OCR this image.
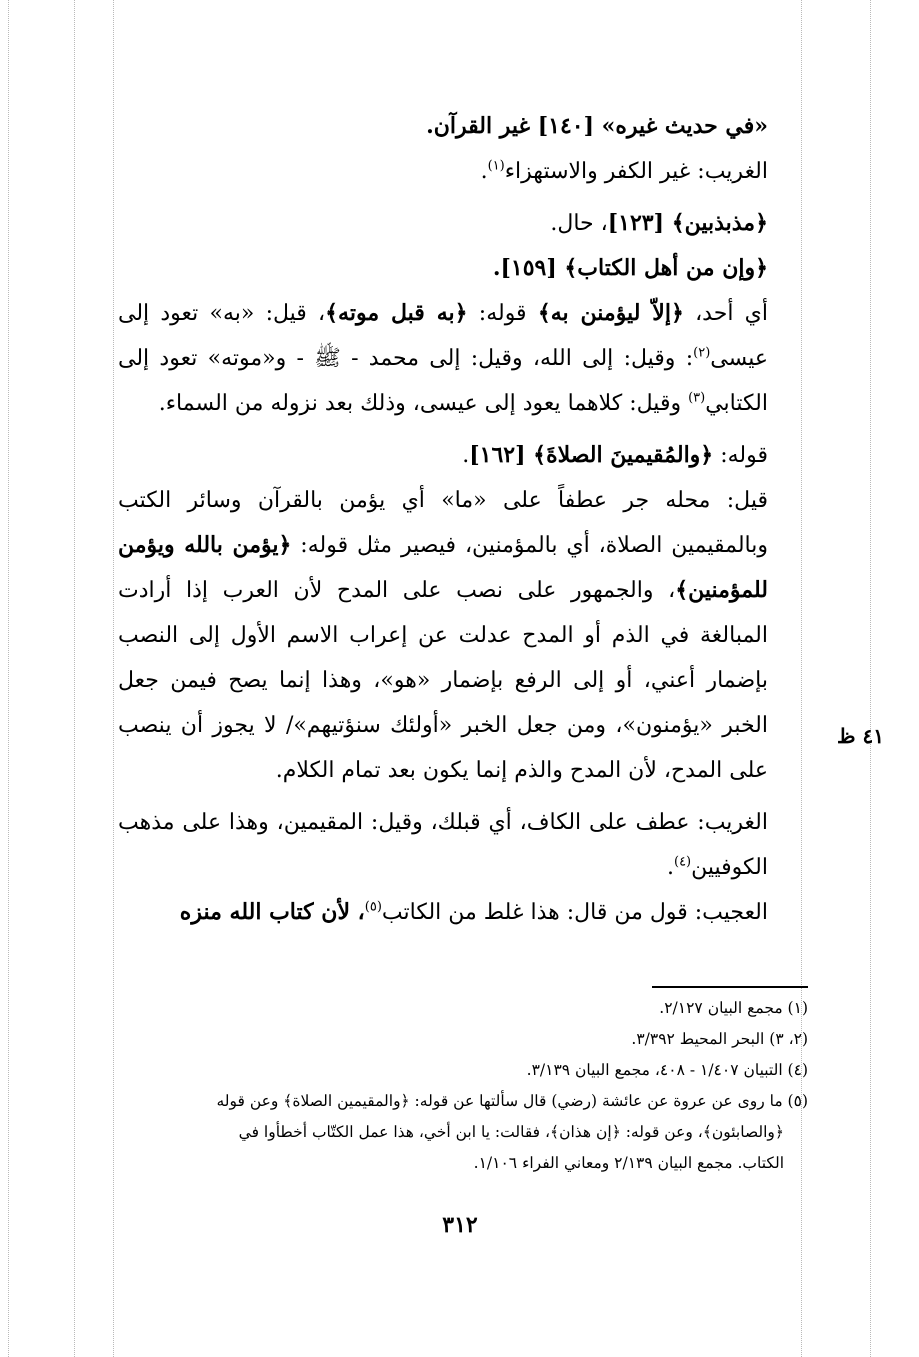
«في حديث غيره» [١٤٠] غير القرآن.

الغريب: غير الكفر والاستهزاء$^{(١)}$.

﴿مذبذبين﴾ [١٢٣]، حال.

﴿وإن من أهل الكتاب﴾ [١٥٩].

أي أحد، ﴿إلاّ ليؤمنن به﴾ قوله: ﴿به قبل موته﴾، قيل: «به» تعود إلى عيسى$^{(٢)}$: وقيل: إلى الله، وقيل: إلى محمد - ﷺ - و«موته» تعود إلى الكتابي$^{(٣)}$ وقيل: كلاهما يعود إلى عيسى، وذلك بعد نزوله من السماء.

قوله: ﴿والمُقيمينَ الصلاةَ﴾ [١٦٢].

قيل: محله جر عطفاً على «ما» أي يؤمن بالقرآن وسائر الكتب وبالمقيمين الصلاة، أي بالمؤمنين، فيصير مثل قوله: ﴿يؤمن بالله ويؤمن للمؤمنين﴾، والجمهور على نصب على المدح لأن العرب إذا أرادت المبالغة في الذم أو المدح عدلت عن إعراب الاسم الأول إلى النصب بإضمار أعني، أو إلى الرفع بإضمار «هو»، وهذا إنما يصح فيمن جعل الخبر «يؤمنون»، ومن جعل الخبر «أولئك سنؤتيهم»/ لا يجوز أن ينصب على المدح، لأن المدح والذم إنما يكون بعد تمام الكلام.

الغريب: عطف على الكاف، أي قبلك، وقيل: المقيمين، وهذا على مذهب الكوفيين$^{(٤)}$.

العجيب: قول من قال: هذا غلط من الكاتب$^{(٥)}$، لأن كتاب الله منزه

٤١ ظ

(١) مجمع البيان ٢/١٢٧.

(٢، ٣) البحر المحيط ٣/٣٩٢.

(٤) التبيان ١/٤٠٧ - ٤٠٨، مجمع البيان ٣/١٣٩.

(٥) ما روى عن عروة عن عائشة (رضي) قال سألتها عن قوله: ﴿والمقيمين الصلاة﴾ وعن قوله

﴿والصابئون﴾، وعن قوله: ﴿إن هذان﴾، فقالت: يا ابن أخي، هذا عمل الكتّاب أخطأوا في

الكتاب. مجمع البيان ٢/١٣٩ ومعاني الفراء ١/١٠٦.

٣١٢
